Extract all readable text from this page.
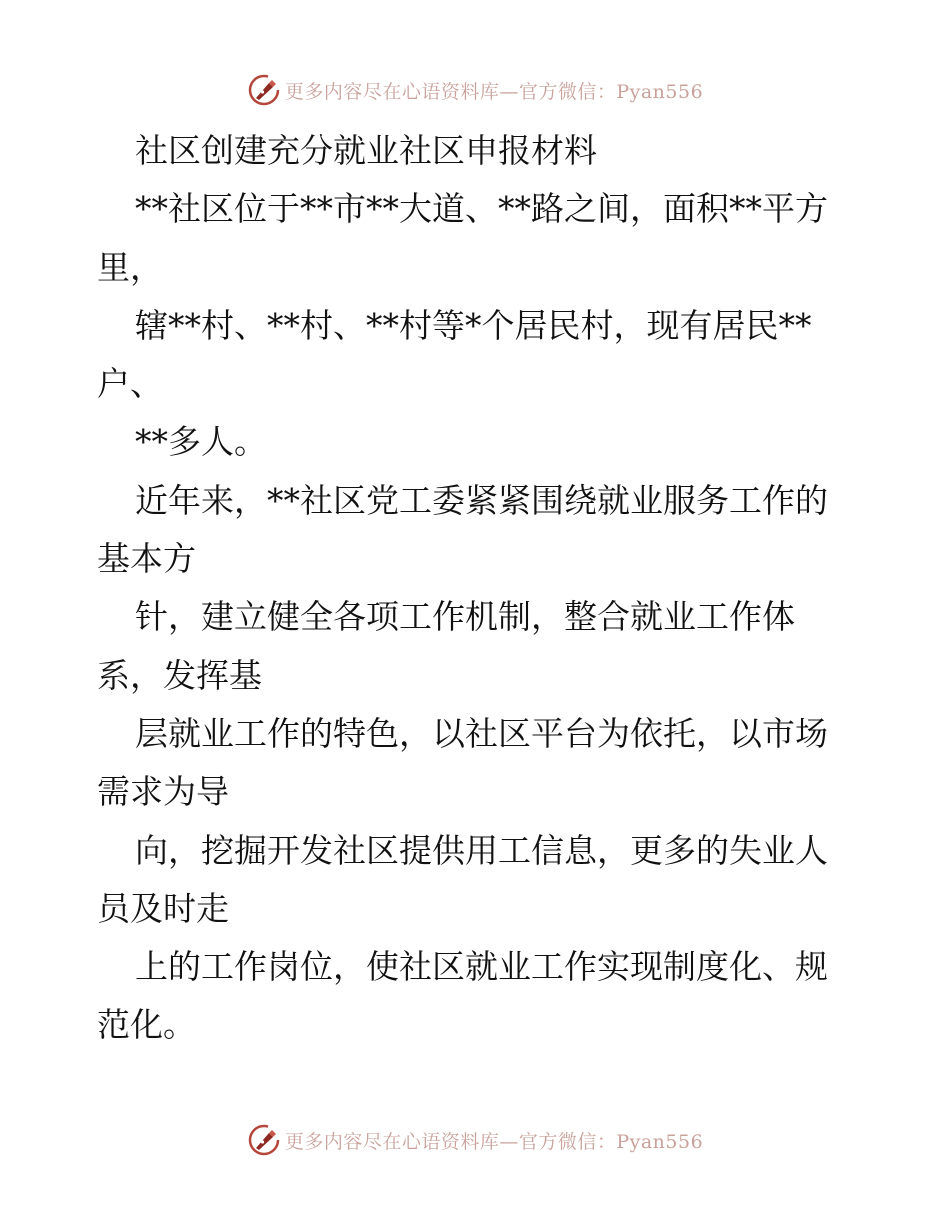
更多内容尽在心语资料库—官方微信：Pyan556
社区创建充分就业社区申报材料
**社区位于**市**大道、**路之间，面积**平方
里，
辖**村、**村、**村等*个居民村，现有居民**
户、
**多人。
近年来，**社区党工委紧紧围绕就业服务工作的
基本方
针，建立健全各项工作机制，整合就业工作体
系，发挥基
层就业工作的特色，以社区平台为依托，以市场
需求为导
向，挖掘开发社区提供用工信息，更多的失业人
员及时走
上的工作岗位，使社区就业工作实现制度化、规
范化。
更多内容尽在心语资料库—官方微信：Pyan556
